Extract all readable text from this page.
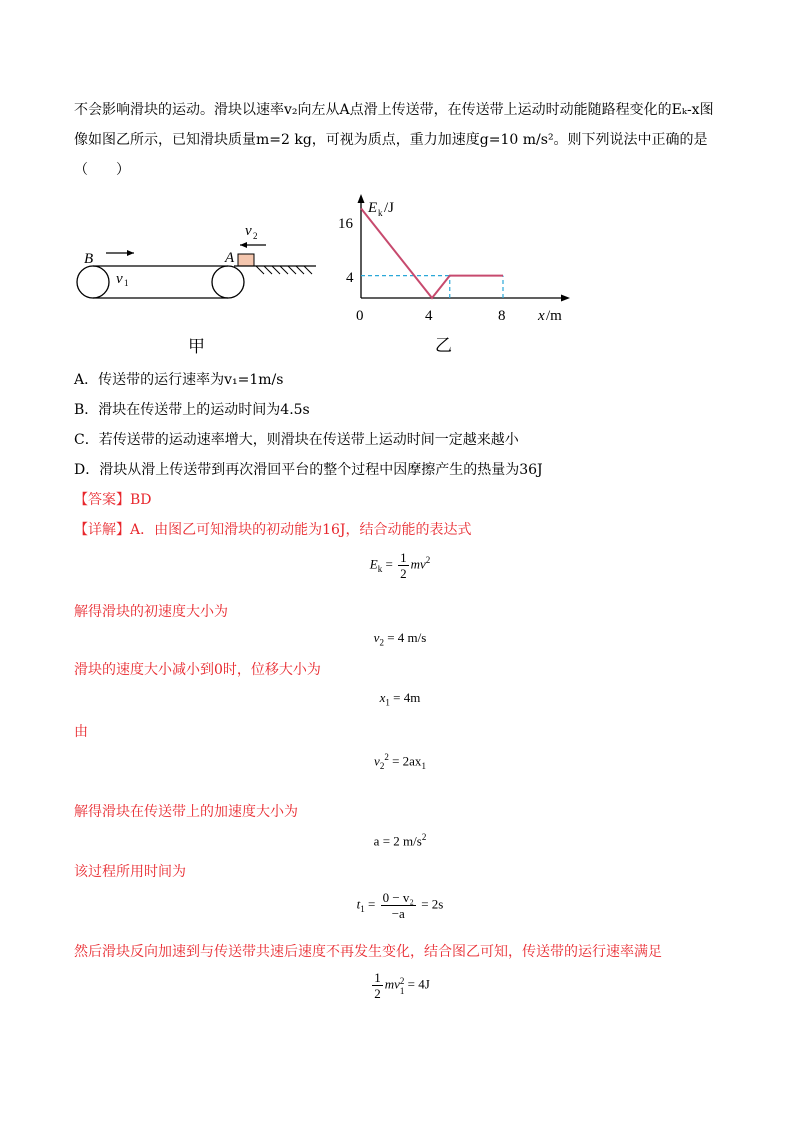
不会影响滑块的运动。滑块以速率v₂向左从A点滑上传送带，在传送带上运动时动能随路程变化的Eₖ-x图
像如图乙所示，已知滑块质量m=2 kg，可视为质点，重力加速度g=10 m/s²。则下列说法中正确的是
（　　）
B	A
v 1
v 2
甲
E k /J
16
4
0	4	8 x /m
乙
A．传送带的运行速率为v₁=1m/s
B．滑块在传送带上的运动时间为4.5s
C．若传送带的运动速率增大，则滑块在传送带上运动时间一定越来越小
D．滑块从滑上传送带到再次滑回平台的整个过程中因摩擦产生的热量为36J
【答案】BD
【详解】A．由图乙可知滑块的初动能为16J，结合动能的表达式
$E_k = \frac{1}{2} mv^2$
解得滑块的初速度大小为
$v_2 = 4$ m/s
滑块的速度大小减小到0时，位移大小为
$x_1 = 4m$
由
$v_2^2 = 2ax_1$
解得滑块在传送带上的加速度大小为
a = 2 $m/s^2$
该过程所用时间为
$t_1 = \frac{\text{0 − v₂}}{-a} = 2s$
然后滑块反向加速到与传送带共速后速度不再发生变化，结合图乙可知，传送带的运行速率满足
$\frac{1}{2}$ mv 2
1 = 4J
